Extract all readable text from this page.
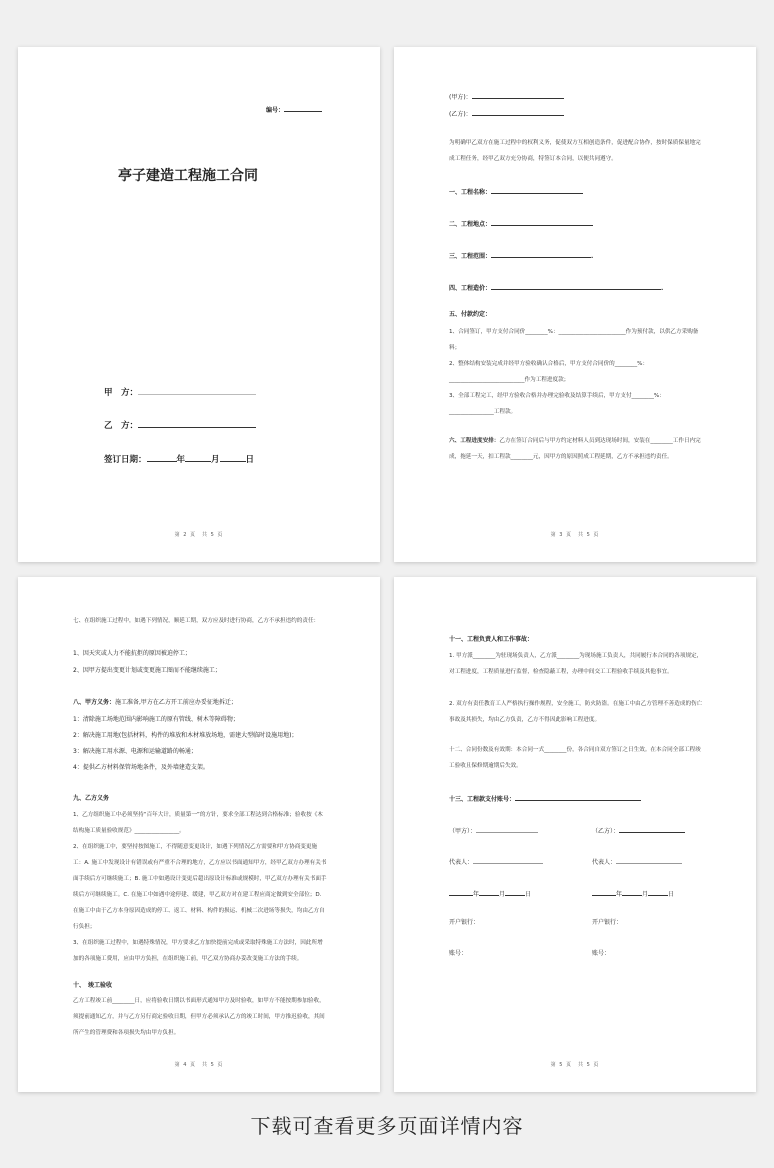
编号：
亭子建造工程施工合同
甲　方：
乙　方：
签订日期：	年	月	日
第 2 页　共 5 页
(甲方)：
(乙方)：
为明确甲乙双方在施工过程中的权利义务，促使双方互相创造条件，促进配合协作，按时保质保量地完成工程任务，经甲乙双方充分协商，特签订本合同，以便共同遵守。
一、工程名称：
二、工程地点：
三、工程范围：	.
四、工程造价：	.
五、付款约定：
1、合同签订，甲方支付合同价________%：________________________作为预付款，以供乙方采购备料；
2、整体结构安装完成并经甲方验收确认合格后，甲方支付合同价的________%：___________________________作为工程进度款；
3、全部工程完工，经甲方验收合格并办理完验收及结算手续后，甲方支付________%：________________工程款。
六、工程进度安排：乙方在签订合同后与甲方约定材料人员到达现场时间，安装在________工作日内完成，拖延一天，扣工程款________元，因甲方的原因照成工程延期，乙方不承担违约责任。
第 3 页　共 5 页
七、在组织施工过程中，如遇下列情况，顺延工期，双方应及时进行协商，乙方不承担违约的责任：
1、因天灾或人力不能抗拒的原因被迫停工；
2、因甲方提出变更计划或变更施工图而不能继续施工；
八、甲方义务：施工准备,甲方在乙方开工前应办妥征地拆迁；
1：清除施工场地范围内影响施工的原有管线、树木等障碍物；
2：解决施工用地(包括材料，构件的堆放和木材堆放场地，需建大型临时设施用地)；
3：解决施工用水源、电源和运输道路的畅通；
4：提供乙方材料保管场地条件，及外墙建造支架。
九、乙方义务
1、乙方组织施工中必须坚持“百年大计，质量第一”的方针，要求全部工程达到合格标准；验收按《木结构施工质量验收规范》________________。
2、在组织施工中，要坚持按图施工，不得随意变更设计，如遇下列情况乙方需要和甲方协商变更施工：A. 施工中发现设计有错误或有严重不合理的地方，乙方应以书面通知甲方，经甲乙双方办理有关书面手续后方可继续施工；B. 施工中如遇设计变更后超出原设计标准或规模时，甲乙双方办理有关书面手续后方可继续施工。C. 在施工中如遇中途停建、缓建，甲乙双方对在建工程应商定做到安全部位；D. 在施工中由于乙方本身原因造成的停工、返工、材料、构件的损运、机械二次进场等损失，均由乙方自行负担；
3、在组织施工过程中，如遇特殊情况，甲方要求乙方加快提前完成或采取特殊施工方法时，因此所增加的各项施工费用，应由甲方负担，在组织施工前，甲乙双方协商办妥改变施工方法的手续。
十、　竣工验收
乙方工程竣工前________日，应将验收日期以书面形式通知甲方及时验收，如甲方不能按期参加验收，须提前通知乙方，并与乙方另行商定验收日期，但甲方必须承认乙方的竣工时间，甲方推迟验收，其间所产生的管理费和各项损失均由甲方负担。
第 4 页　共 5 页
十一、工程负责人和工作事故：
1. 甲方派________为驻现场负责人，乙方派________为现场施工负责人，共同履行本合同的各项规定，对工程进度，工程质量进行监督，检查隐蔽工程，办理中间交工工程验收手续及其他事宜。
2. 双方有责任教育工人严格执行操作规程，安全施工，防火防盗。在施工中由乙方管理不善造成的伤亡事故及其损失，均由乙方负责，乙方不得因此影响工程进度。
十二、合同份数及有效期：本合同一式________份，各合同自双方签订之日生效。在本合同全部工程竣工验收且保修期逾期后失效。
十三、工程款支付账号：
（甲方）：	（乙方）：
代表人：	代表人：
年	月	日	年	月	日
开户银行：	开户银行：
账号：	账号：
第 5 页　共 5 页
下载可查看更多页面详情内容
